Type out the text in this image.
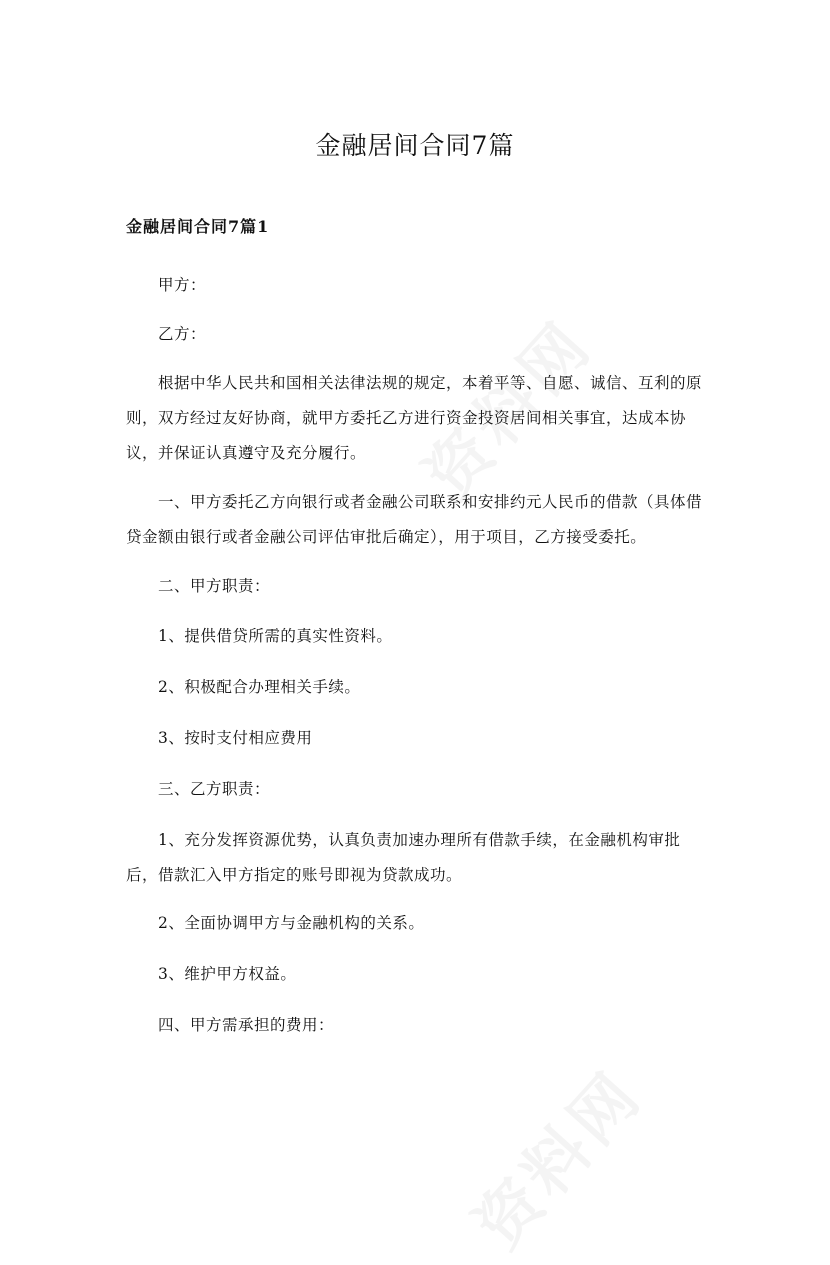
金融居间合同7篇
金融居间合同7篇1

甲方：

乙方：

根据中华人民共和国相关法律法规的规定，本着平等、自愿、诚信、互利的原则，双方经过友好协商，就甲方委托乙方进行资金投资居间相关事宜，达成本协议，并保证认真遵守及充分履行。

一、甲方委托乙方向银行或者金融公司联系和安排约元人民币的借款（具体借贷金额由银行或者金融公司评估审批后确定），用于项目，乙方接受委托。

二、甲方职责：

1、提供借贷所需的真实性资料。

2、积极配合办理相关手续。

3、按时支付相应费用

三、乙方职责：

1、充分发挥资源优势，认真负责加速办理所有借款手续，在金融机构审批后，借款汇入甲方指定的账号即视为贷款成功。

2、全面协调甲方与金融机构的关系。

3、维护甲方权益。

四、甲方需承担的费用：
